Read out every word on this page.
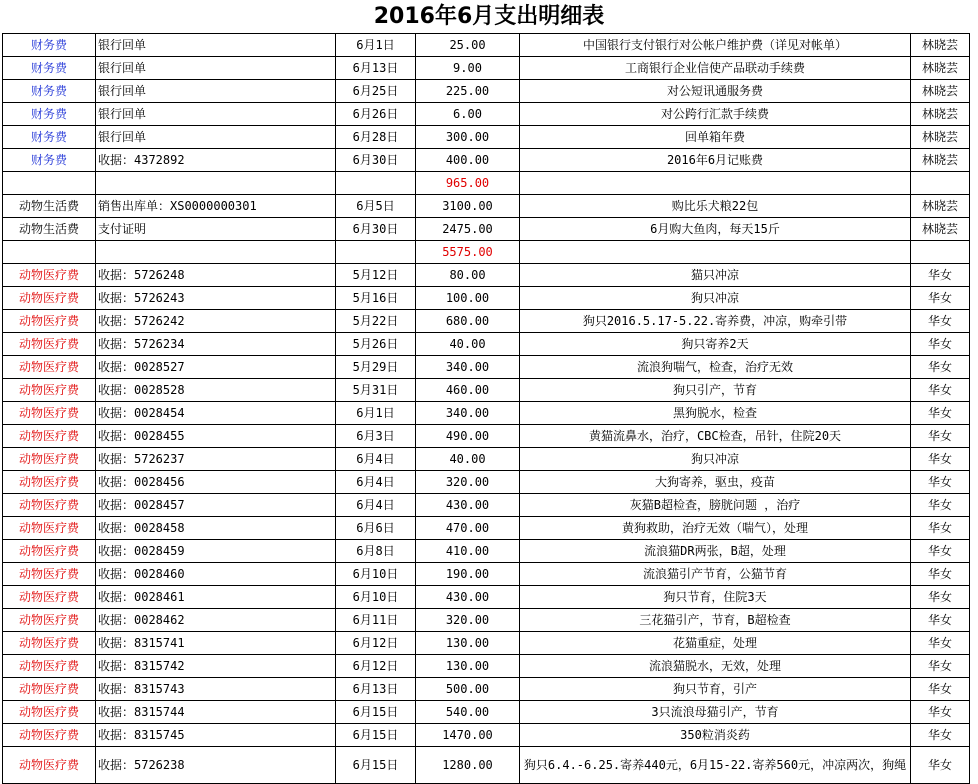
2016年6月支出明细表
财务费	银行回单	6月1日	25.00	中国银行支付银行对公帐户维护费（详见对帐单）	林晓芸
财务费	银行回单	6月13日	9.00	工商银行企业信使产品联动手续费	林晓芸
财务费	银行回单	6月25日	225.00	对公短讯通服务费	林晓芸
财务费	银行回单	6月26日	6.00	对公跨行汇款手续费	林晓芸
财务费	银行回单	6月28日	300.00	回单箱年费	林晓芸
财务费	收据：4372892	6月30日	400.00	2016年6月记账费	林晓芸
			965.00		
动物生活费	销售出库单：XS0000000301	6月5日	3100.00	购比乐犬粮22包	林晓芸
动物生活费	支付证明	6月30日	2475.00	6月购大鱼肉，每天15斤	林晓芸
			5575.00		
动物医疗费	收据：5726248	5月12日	80.00	猫只冲凉	华女
动物医疗费	收据：5726243	5月16日	100.00	狗只冲凉	华女
动物医疗费	收据：5726242	5月22日	680.00	狗只2016.5.17-5.22.寄养费，冲凉，购牵引带	华女
动物医疗费	收据：5726234	5月26日	40.00	狗只寄养2天	华女
动物医疗费	收据：0028527	5月29日	340.00	流浪狗喘气，检查，治疗无效	华女
动物医疗费	收据：0028528	5月31日	460.00	狗只引产，节育	华女
动物医疗费	收据：0028454	6月1日	340.00	黑狗脱水，检查	华女
动物医疗费	收据：0028455	6月3日	490.00	黄猫流鼻水，治疗，CBC检查，吊针，住院20天	华女
动物医疗费	收据：5726237	6月4日	40.00	狗只冲凉	华女
动物医疗费	收据：0028456	6月4日	320.00	大狗寄养，驱虫，疫苗	华女
动物医疗费	收据：0028457	6月4日	430.00	灰猫B超检查，膀胱问题 ，治疗	华女
动物医疗费	收据：0028458	6月6日	470.00	黄狗救助，治疗无效（喘气），处理	华女
动物医疗费	收据：0028459	6月8日	410.00	流浪猫DR两张，B超，处理	华女
动物医疗费	收据：0028460	6月10日	190.00	流浪猫引产节育，公猫节育	华女
动物医疗费	收据：0028461	6月10日	430.00	狗只节育，住院3天	华女
动物医疗费	收据：0028462	6月11日	320.00	三花猫引产，节育，B超检查	华女
动物医疗费	收据：8315741	6月12日	130.00	花猫重症，处理	华女
动物医疗费	收据：8315742	6月12日	130.00	流浪猫脱水，无效，处理	华女
动物医疗费	收据：8315743	6月13日	500.00	狗只节育，引产	华女
动物医疗费	收据：8315744	6月15日	540.00	3只流浪母猫引产，节育	华女
动物医疗费	收据：8315745	6月15日	1470.00	350粒消炎药	华女
动物医疗费	收据：5726238	6月15日	1280.00	狗只6.4.-6.25.寄养440元，6月15-22.寄养560元，冲凉两次，狗绳	华女
